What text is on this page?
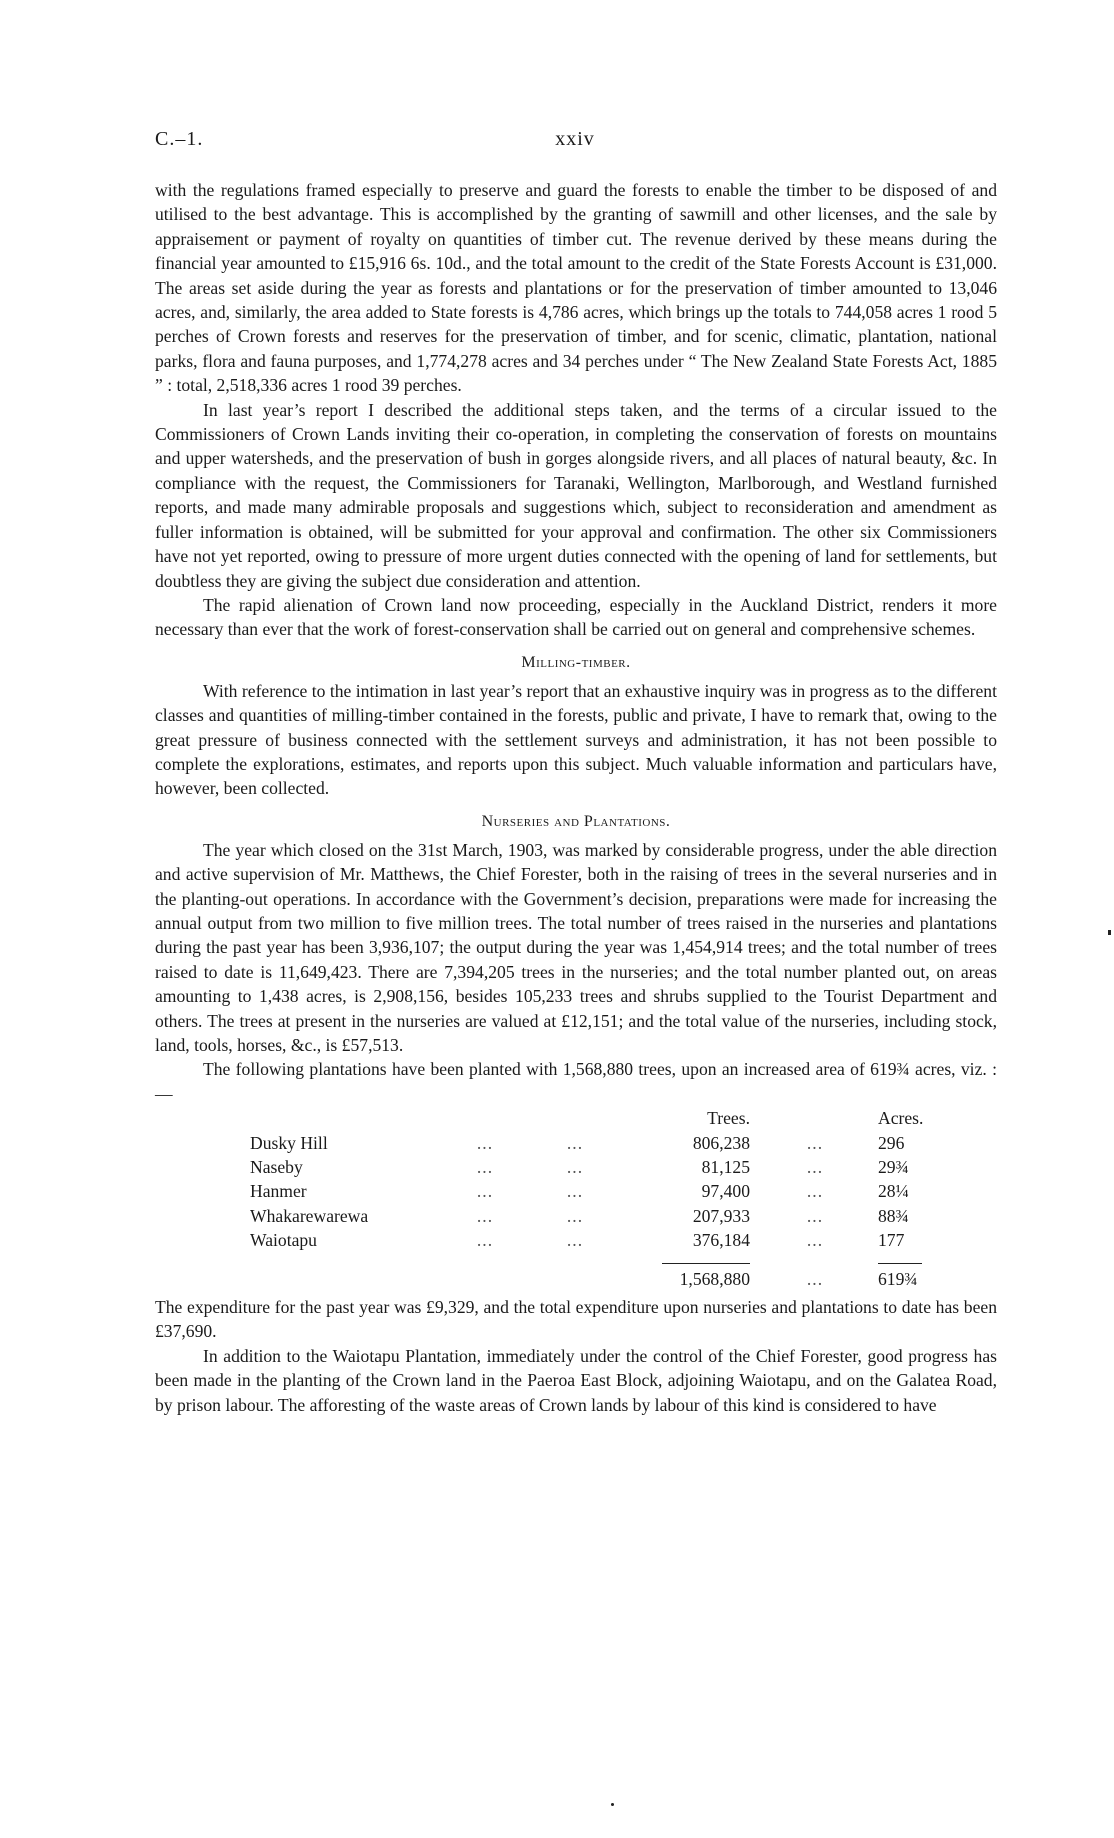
C.–1.	xxiv

with the regulations framed especially to preserve and guard the forests to enable the timber to be disposed of and utilised to the best advantage. This is accomplished by the granting of sawmill and other licenses, and the sale by appraisement or payment of royalty on quantities of timber cut. The revenue derived by these means during the financial year amounted to £15,916 6s. 10d., and the total amount to the credit of the State Forests Account is £31,000. The areas set aside during the year as forests and plantations or for the preservation of timber amounted to 13,046 acres, and, similarly, the area added to State forests is 4,786 acres, which brings up the totals to 744,058 acres 1 rood 5 perches of Crown forests and reserves for the preservation of timber, and for scenic, climatic, plantation, national parks, flora and fauna purposes, and 1,774,278 acres and 34 perches under “ The New Zealand State Forests Act, 1885 ” : total, 2,518,336 acres 1 rood 39 perches.

In last year’s report I described the additional steps taken, and the terms of a circular issued to the Commissioners of Crown Lands inviting their co-operation, in completing the conservation of forests on mountains and upper watersheds, and the preservation of bush in gorges alongside rivers, and all places of natural beauty, &c. In compliance with the request, the Commissioners for Taranaki, Wellington, Marlborough, and Westland furnished reports, and made many admirable proposals and suggestions which, subject to reconsideration and amendment as fuller information is obtained, will be submitted for your approval and confirmation. The other six Commissioners have not yet reported, owing to pressure of more urgent duties connected with the opening of land for settlements, but doubtless they are giving the subject due consideration and attention.

The rapid alienation of Crown land now proceeding, especially in the Auckland District, renders it more necessary than ever that the work of forest-conservation shall be carried out on general and comprehensive schemes.

Milling-timber.

With reference to the intimation in last year’s report that an exhaustive inquiry was in progress as to the different classes and quantities of milling-timber contained in the forests, public and private, I have to remark that, owing to the great pressure of business connected with the settlement surveys and administration, it has not been possible to complete the explorations, estimates, and reports upon this subject. Much valuable information and particulars have, however, been collected.

Nurseries and Plantations.

The year which closed on the 31st March, 1903, was marked by considerable progress, under the able direction and active supervision of Mr. Matthews, the Chief Forester, both in the raising of trees in the several nurseries and in the planting-out operations. In accordance with the Government’s decision, preparations were made for increasing the annual output from two million to five million trees. The total number of trees raised in the nurseries and plantations during the past year has been 3,936,107; the output during the year was 1,454,914 trees; and the total number of trees raised to date is 11,649,423. There are 7,394,205 trees in the nurseries; and the total number planted out, on areas amounting to 1,438 acres, is 2,908,156, besides 105,233 trees and shrubs supplied to the Tourist Department and others. The trees at present in the nurseries are valued at £12,151; and the total value of the nurseries, including stock, land, tools, horses, &c., is £57,513.

The following plantations have been planted with 1,568,880 trees, upon an increased area of 619¾ acres, viz. :—

			Trees.		Acres.
Dusky Hill	...	...	806,238	...	296
Naseby	...	...	81,125	...	29¾
Hanmer	...	...	97,400	...	28¼
Whakarewarewa	...	...	207,933	...	88¾
Waiotapu	...	...	376,184	...	177

			1,568,880	...	619¾

The expenditure for the past year was £9,329, and the total expenditure upon nurseries and plantations to date has been £37,690.

In addition to the Waiotapu Plantation, immediately under the control of the Chief Forester, good progress has been made in the planting of the Crown land in the Paeroa East Block, adjoining Waiotapu, and on the Galatea Road, by prison labour. The afforesting of the waste areas of Crown lands by labour of this kind is considered to have
